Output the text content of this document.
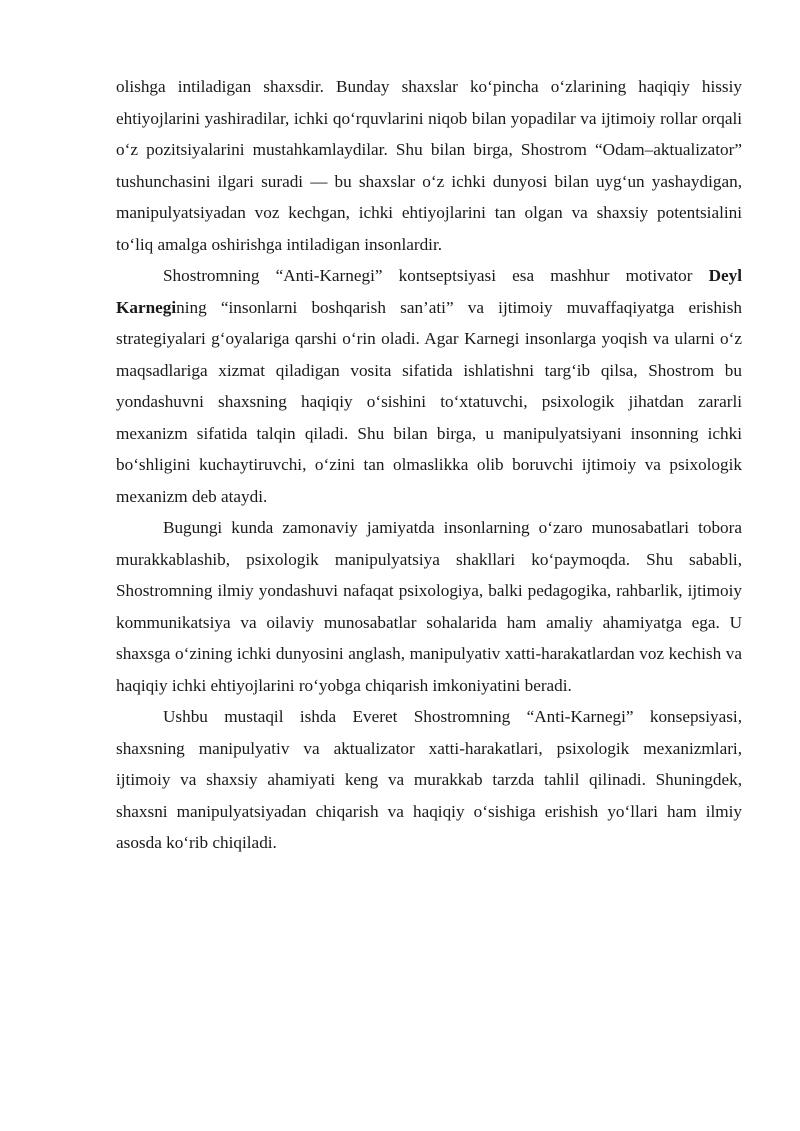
olishga intiladigan shaxsdir. Bunday shaxslar ko‘pincha o‘zlarining haqiqiy hissiy ehtiyojlarini yashiradilar, ichki qo‘rquvlarini niqob bilan yopadilar va ijtimoiy rollar orqali o‘z pozitsiyalarini mustahkamlaydilar. Shu bilan birga, Shostrom “Odam–aktualizator” tushunchasini ilgari suradi — bu shaxslar o‘z ichki dunyosi bilan uyg‘un yashaydigan, manipulyatsiyadan voz kechgan, ichki ehtiyojlarini tan olgan va shaxsiy potentsialini to‘liq amalga oshirishga intiladigan insonlardir.

Shostromning “Anti-Karnegi” kontseptsiyasi esa mashhur motivator Deyl Karnegining “insonlarni boshqarish san’ati” va ijtimoiy muvaffaqiyatga erishish strategiyalari g‘oyalariga qarshi o‘rin oladi. Agar Karnegi insonlarga yoqish va ularni o‘z maqsadlariga xizmat qiladigan vosita sifatida ishlatishni targ‘ib qilsa, Shostrom bu yondashuvni shaxsning haqiqiy o‘sishini to‘xtatuvchi, psixologik jihatdan zararli mexanizm sifatida talqin qiladi. Shu bilan birga, u manipulyatsiyani insonning ichki bo‘shligini kuchaytiruvchi, o‘zini tan olmaslikka olib boruvchi ijtimoiy va psixologik mexanizm deb ataydi.

Bugungi kunda zamonaviy jamiyatda insonlarning o‘zaro munosabatlari tobora murakkablashib, psixologik manipulyatsiya shakllari ko‘paymoqda. Shu sababli, Shostromning ilmiy yondashuvi nafaqat psixologiya, balki pedagogika, rahbarlik, ijtimoiy kommunikatsiya va oilaviy munosabatlar sohalarida ham amaliy ahamiyatga ega. U shaxsga o‘zining ichki dunyosini anglash, manipulyativ xatti-harakatlardan voz kechish va haqiqiy ichki ehtiyojlarini ro‘yobga chiqarish imkoniyatini beradi.

Ushbu mustaqil ishda Everet Shostromning “Anti-Karnegi” konsepsiyasi, shaxsning manipulyativ va aktualizator xatti-harakatlari, psixologik mexanizmlari, ijtimoiy va shaxsiy ahamiyati keng va murakkab tarzda tahlil qilinadi. Shuningdek, shaxsni manipulyatsiyadan chiqarish va haqiqiy o‘sishiga erishish yo‘llari ham ilmiy asosda ko‘rib chiqiladi.
